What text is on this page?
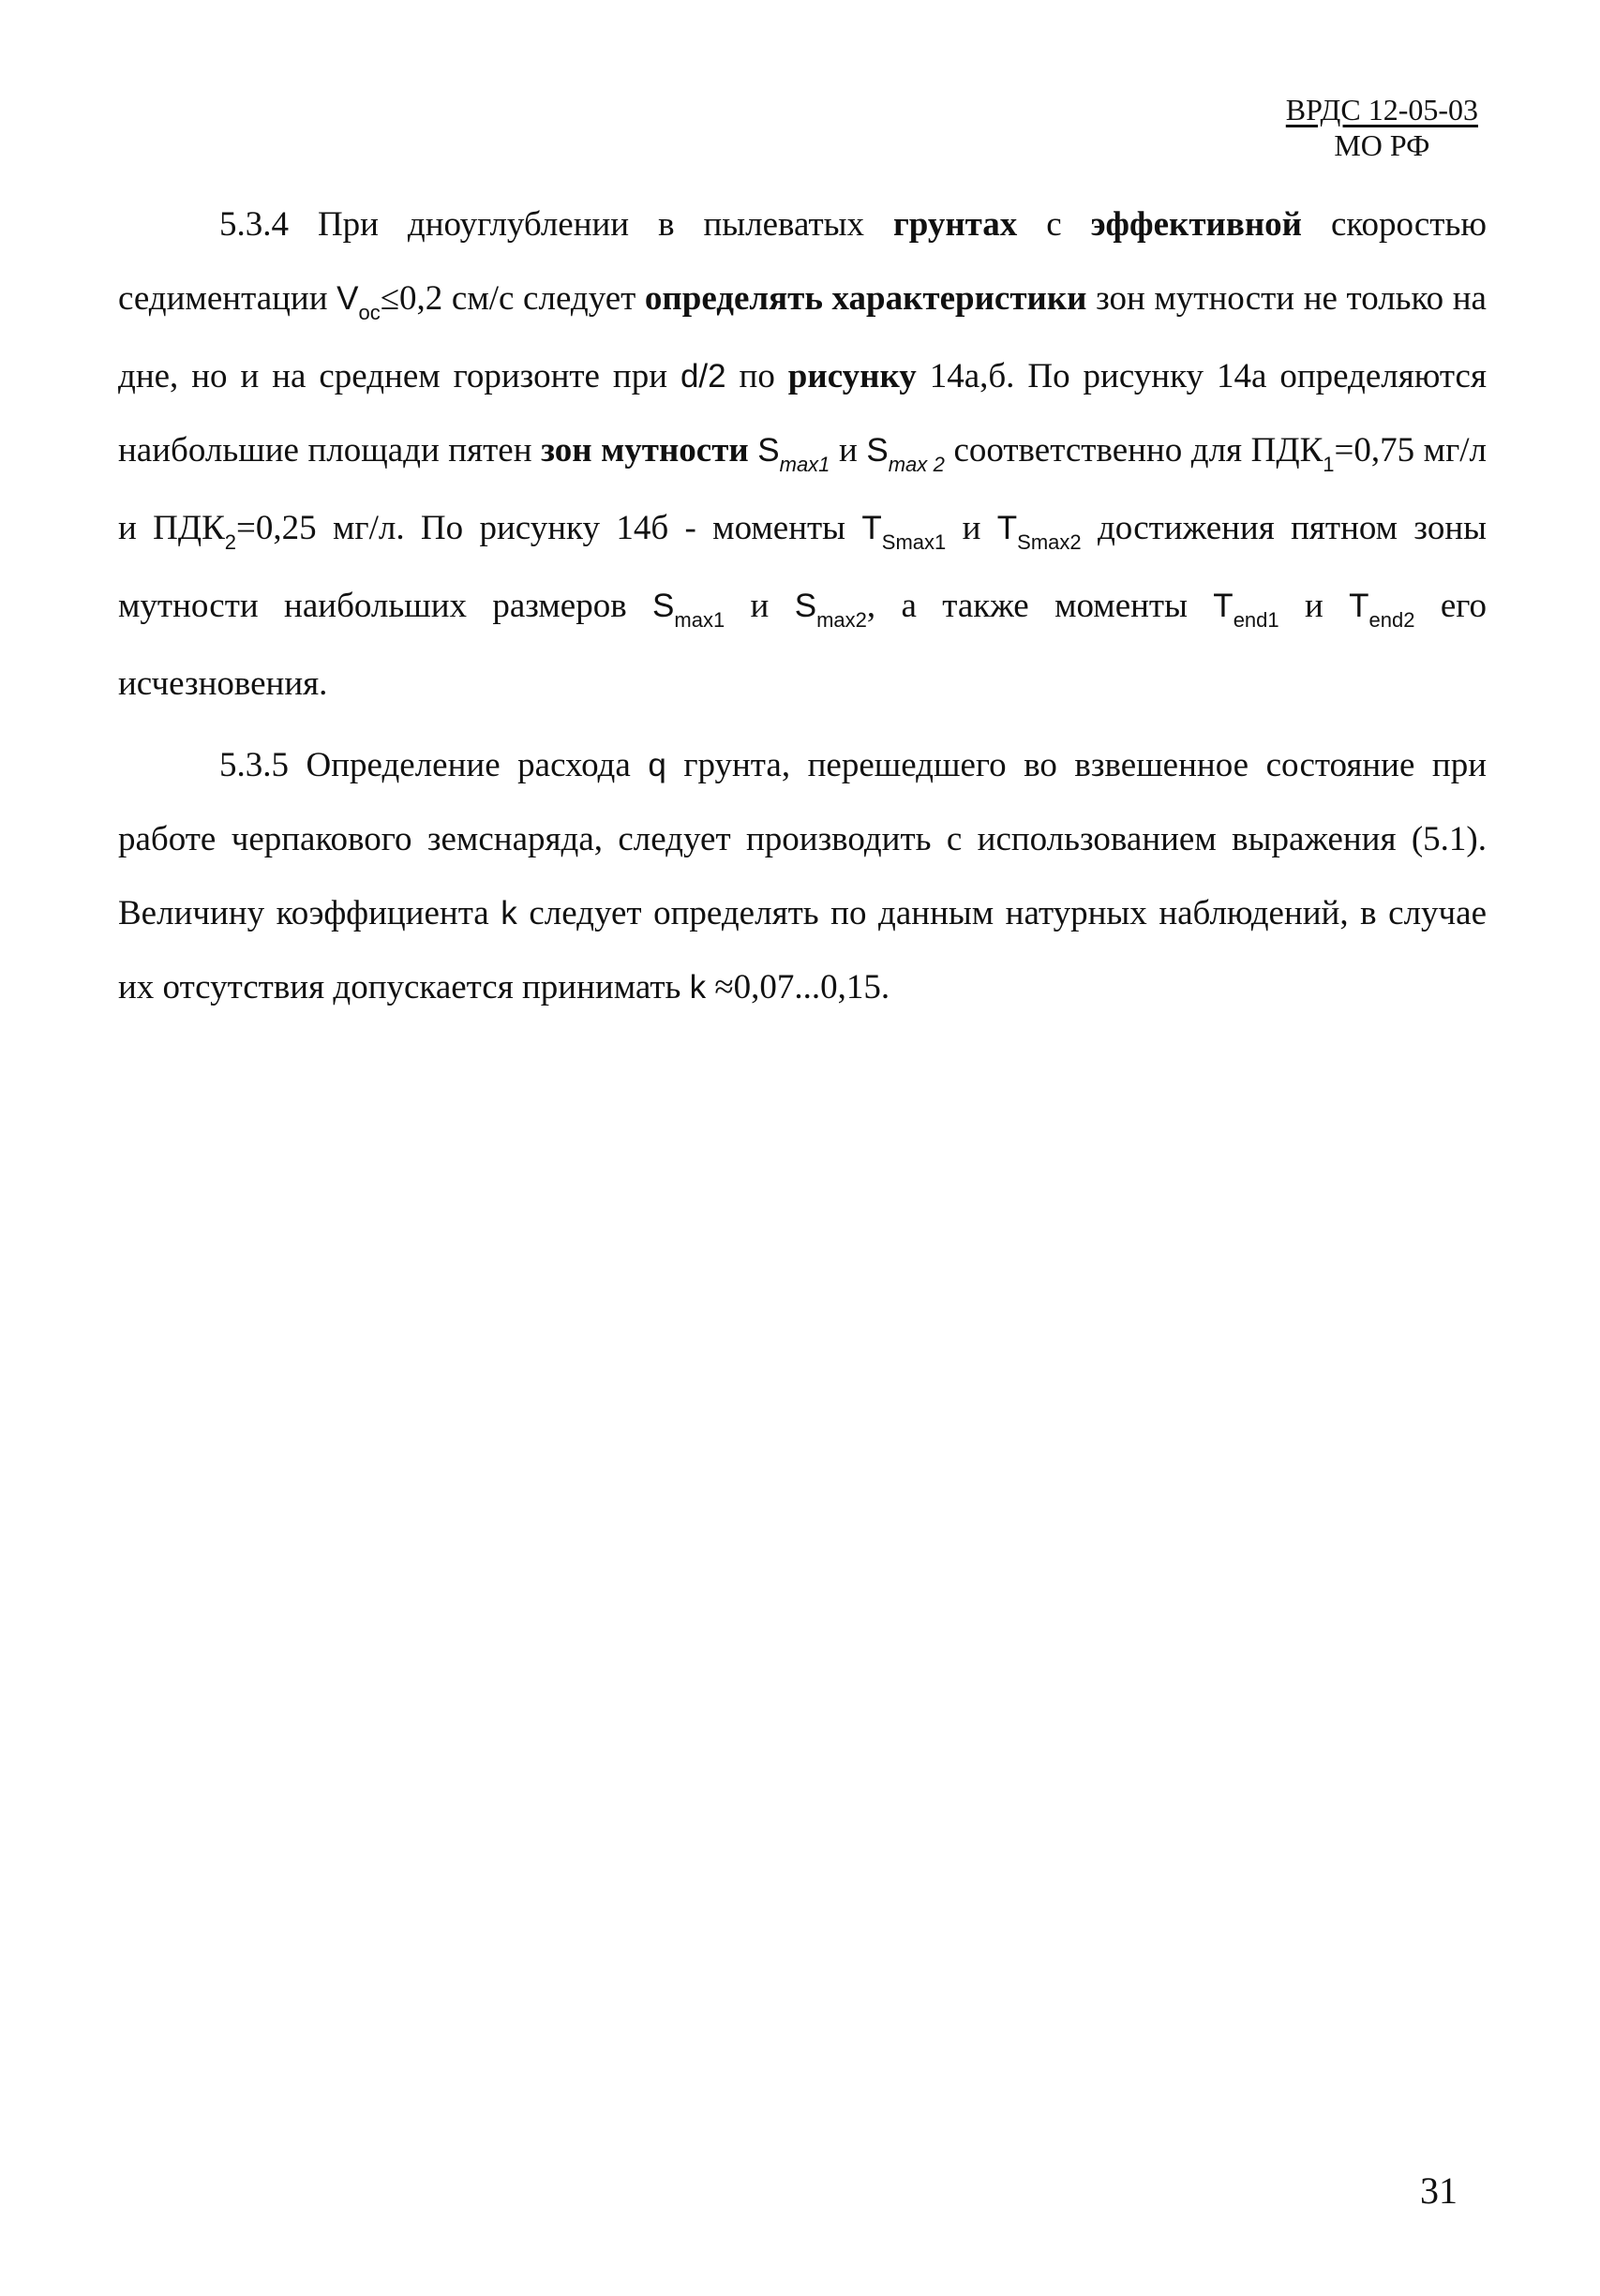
ВРДС 12-05-03
МО РФ

5.3.4 При дноуглублении в пылеватых грунтах с эффективной скоростью седиментации $V_{ос}\le 0,2$ см/с следует определять характеристики зон мутности не только на дне, но и на среднем горизонте при d/2 по рисунку 14а,б. По рисунку 14а определяются наибольшие площади пятен зон мутности $S_{max1}$ и $S_{max 2}$ соответственно для $ПДК_1=0,75$ мг/л и $ПДК_2=0,25$ мг/л. По рисунку 14б - моменты $T_{Smax1}$ и $T_{Smax2}$ достижения пятном зоны мутности наибольших размеров $S_{max1}$ и $S_{max2}$, а также моменты $T_{end1}$ и $T_{end2}$ его исчезновения.

5.3.5 Определение расхода q грунта, перешедшего во взвешенное состояние при работе черпакового земснаряда, следует производить с использованием выражения (5.1). Величину коэффициента k следует определять по данным натурных наблюдений, в случае их отсутствия допускается принимать k ≈0,07...0,15.

31
